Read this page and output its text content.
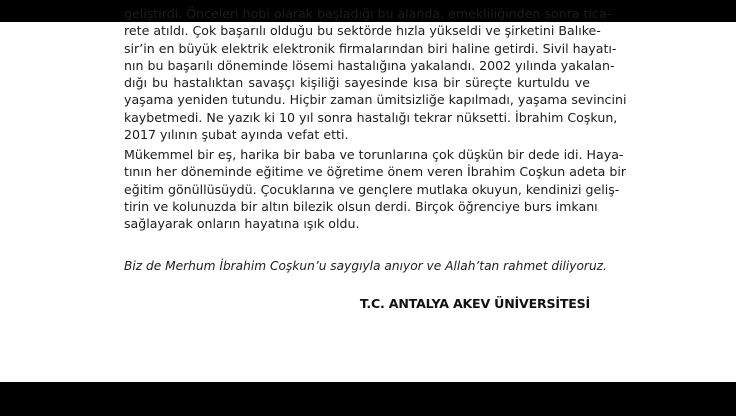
geliştirdi. Önceleri hobi olarak başladığı bu alanda, emekliliğinden sonra tica-
rete atıldı. Çok başarılı olduğu bu sektörde hızla yükseldi ve şirketini Balıke-
sir’in en büyük elektrik elektronik firmalarından biri haline getirdi. Sivil hayatı-
nın bu başarılı döneminde lösemi hastalığına yakalandı. 2002 yılında yakalan-
dığı bu hastalıktan savaşçı kişiliği sayesinde kısa bir süreçte kurtuldu ve
yaşama yeniden tutundu. Hiçbir zaman ümitsizliğe kapılmadı, yaşama sevincini
kaybetmedi. Ne yazık ki 10 yıl sonra hastalığı tekrar nüksetti. İbrahim Coşkun,
2017 yılının şubat ayında vefat etti.
Mükemmel bir eş, harika bir baba ve torunlarına çok düşkün bir dede idi. Haya-
tının her döneminde eğitime ve öğretime önem veren İbrahim Coşkun adeta bir
eğitim gönüllüsüydü. Çocuklarına ve gençlere mutlaka okuyun, kendinizi geliş-
tirin ve kolunuzda bir altın bilezik olsun derdi. Birçok öğrenciye burs imkanı
sağlayarak onların hayatına ışık oldu.
Biz de Merhum İbrahim Coşkun’u saygıyla anıyor ve Allah’tan rahmet diliyoruz.
T.C. ANTALYA AKEV ÜNİVERSİTESİ
